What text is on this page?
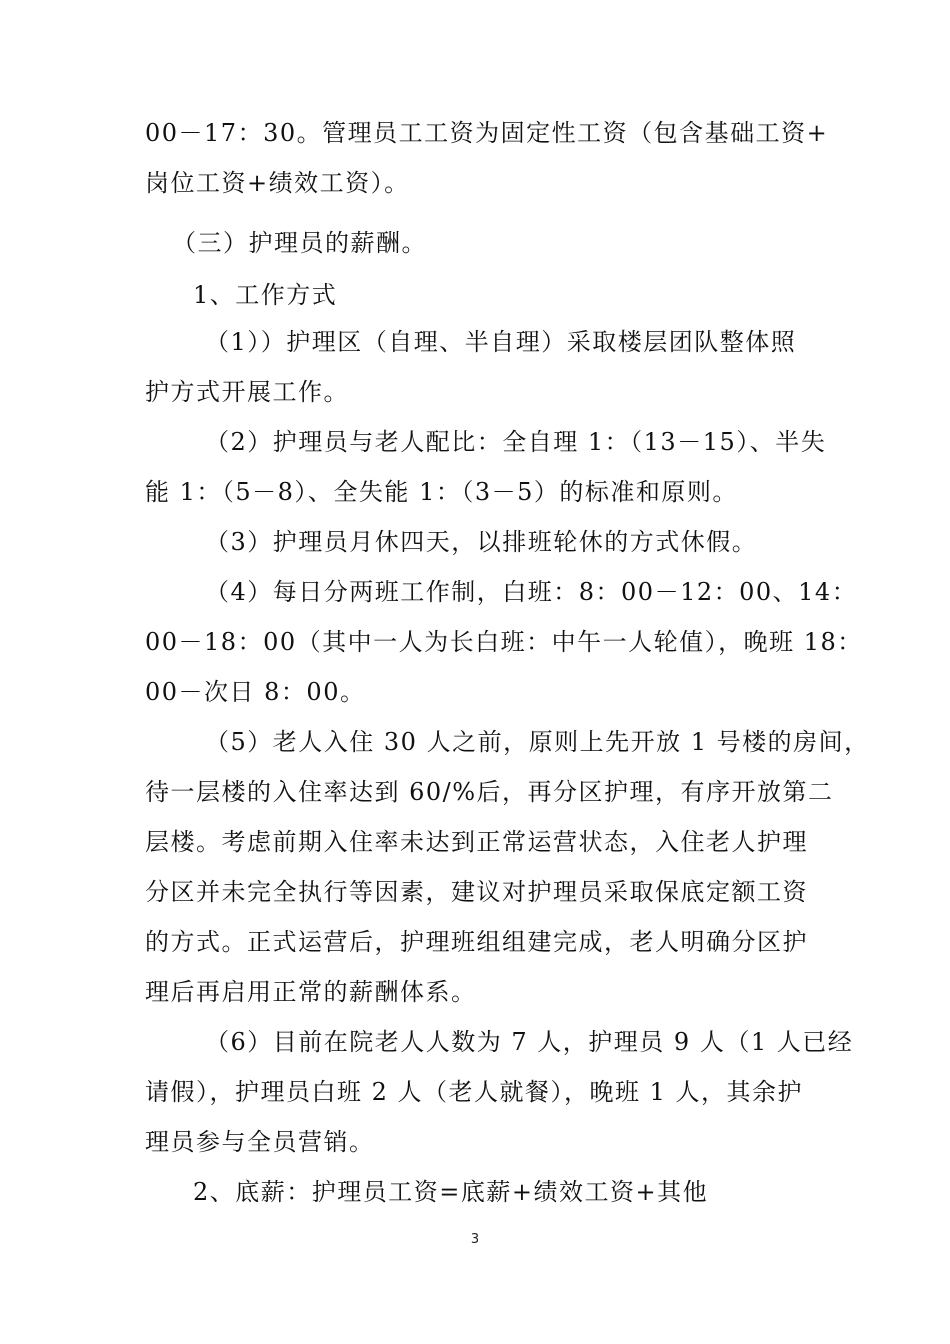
00－17：30。管理员工工资为固定性工资（包含基础工资+
岗位工资+绩效工资）。
（三）护理员的薪酬。
1、工作方式
（1））护理区（自理、半自理）采取楼层团队整体照
护方式开展工作。
（2）护理员与老人配比：全自理 1：（13－15）、半失
能 1：（5－8）、全失能 1：（3－5）的标准和原则。
（3）护理员月休四天，以排班轮休的方式休假。
（4）每日分两班工作制，白班：8：00－12：00、14：
00－18：00（其中一人为长白班：中午一人轮值），晚班 18：
00－次日 8：00。
（5）老人入住 30 人之前，原则上先开放 1 号楼的房间，
待一层楼的入住率达到 60/%后，再分区护理，有序开放第二
层楼。考虑前期入住率未达到正常运营状态，入住老人护理
分区并未完全执行等因素，建议对护理员采取保底定额工资
的方式。正式运营后，护理班组组建完成，老人明确分区护
理后再启用正常的薪酬体系。
（6）目前在院老人人数为 7 人，护理员 9 人（1 人已经
请假），护理员白班 2 人（老人就餐），晚班 1 人，其余护
理员参与全员营销。
2、底薪：护理员工资=底薪+绩效工资+其他
3
